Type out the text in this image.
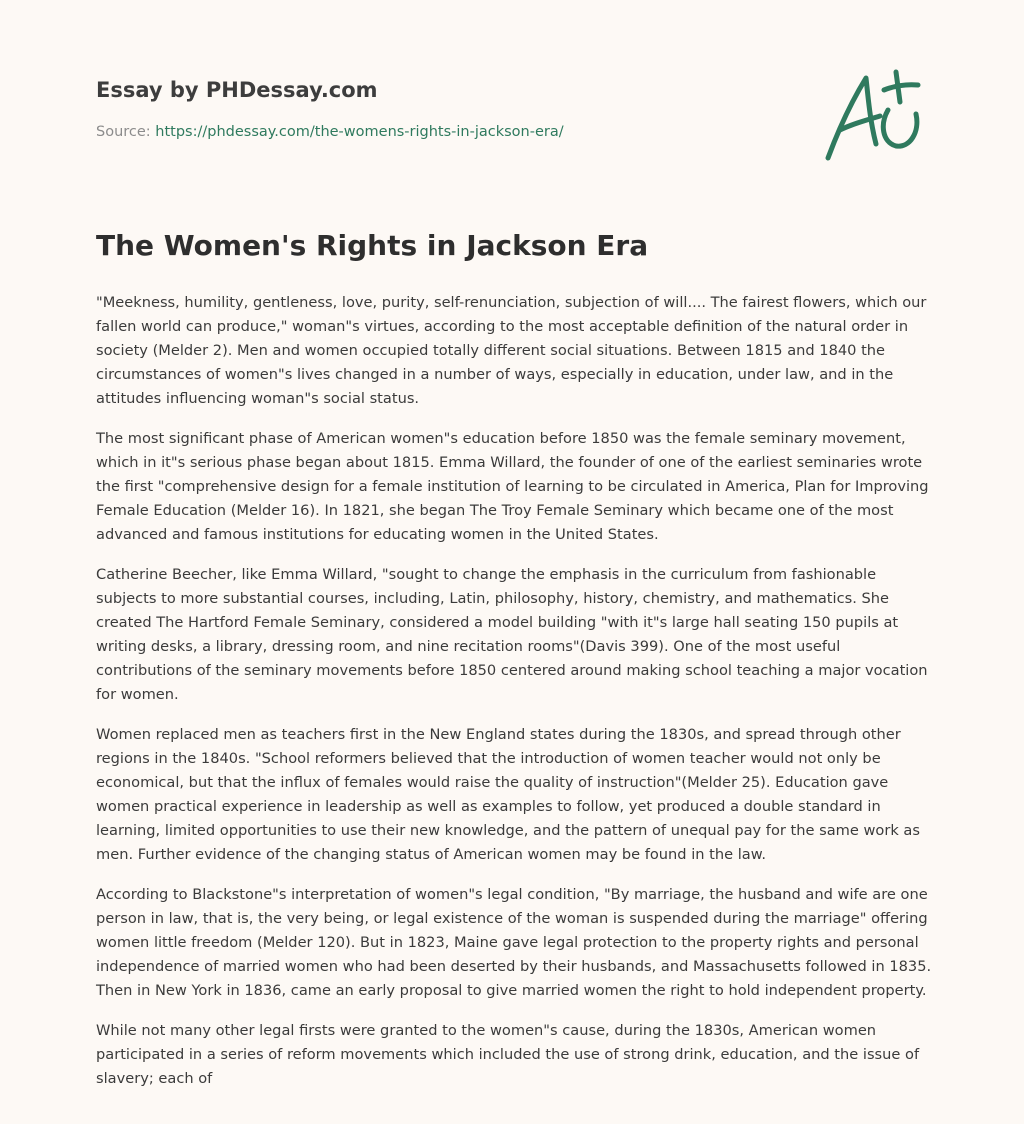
Essay by PHDessay.com
Source: https://phdessay.com/the-womens-rights-in-jackson-era/
The Women's Rights in Jackson Era

"Meekness, humility, gentleness, love, purity, self-renunciation, subjection of will.... The fairest flowers, which our fallen world can produce," woman"s virtues, according to the most acceptable definition of the natural order in society (Melder 2). Men and women occupied totally different social situations. Between 1815 and 1840 the circumstances of women"s lives changed in a number of ways, especially in education, under law, and in the attitudes influencing woman"s social status.

The most significant phase of American women"s education before 1850 was the female seminary movement, which in it"s serious phase began about 1815. Emma Willard, the founder of one of the earliest seminaries wrote the first "comprehensive design for a female institution of learning to be circulated in America, Plan for Improving Female Education (Melder 16). In 1821, she began The Troy Female Seminary which became one of the most advanced and famous institutions for educating women in the United States.

Catherine Beecher, like Emma Willard, "sought to change the emphasis in the curriculum from fashionable subjects to more substantial courses, including, Latin, philosophy, history, chemistry, and mathematics. She created The Hartford Female Seminary, considered a model building "with it"s large hall seating 150 pupils at writing desks, a library, dressing room, and nine recitation rooms"(Davis 399). One of the most useful contributions of the seminary movements before 1850 centered around making school teaching a major vocation for women.

Women replaced men as teachers first in the New England states during the 1830s, and spread through other regions in the 1840s. "School reformers believed that the introduction of women teacher would not only be economical, but that the influx of females would raise the quality of instruction"(Melder 25). Education gave women practical experience in leadership as well as examples to follow, yet produced a double standard in learning, limited opportunities to use their new knowledge, and the pattern of unequal pay for the same work as men. Further evidence of the changing status of American women may be found in the law.

According to Blackstone"s interpretation of women"s legal condition, "By marriage, the husband and wife are one person in law, that is, the very being, or legal existence of the woman is suspended during the marriage" offering women little freedom (Melder 120). But in 1823, Maine gave legal protection to the property rights and personal independence of married women who had been deserted by their husbands, and Massachusetts followed in 1835. Then in New York in 1836, came an early proposal to give married women the right to hold independent property.

While not many other legal firsts were granted to the women"s cause, during the 1830s, American women participated in a series of reform movements which included the use of strong drink, education, and the issue of slavery; each of
